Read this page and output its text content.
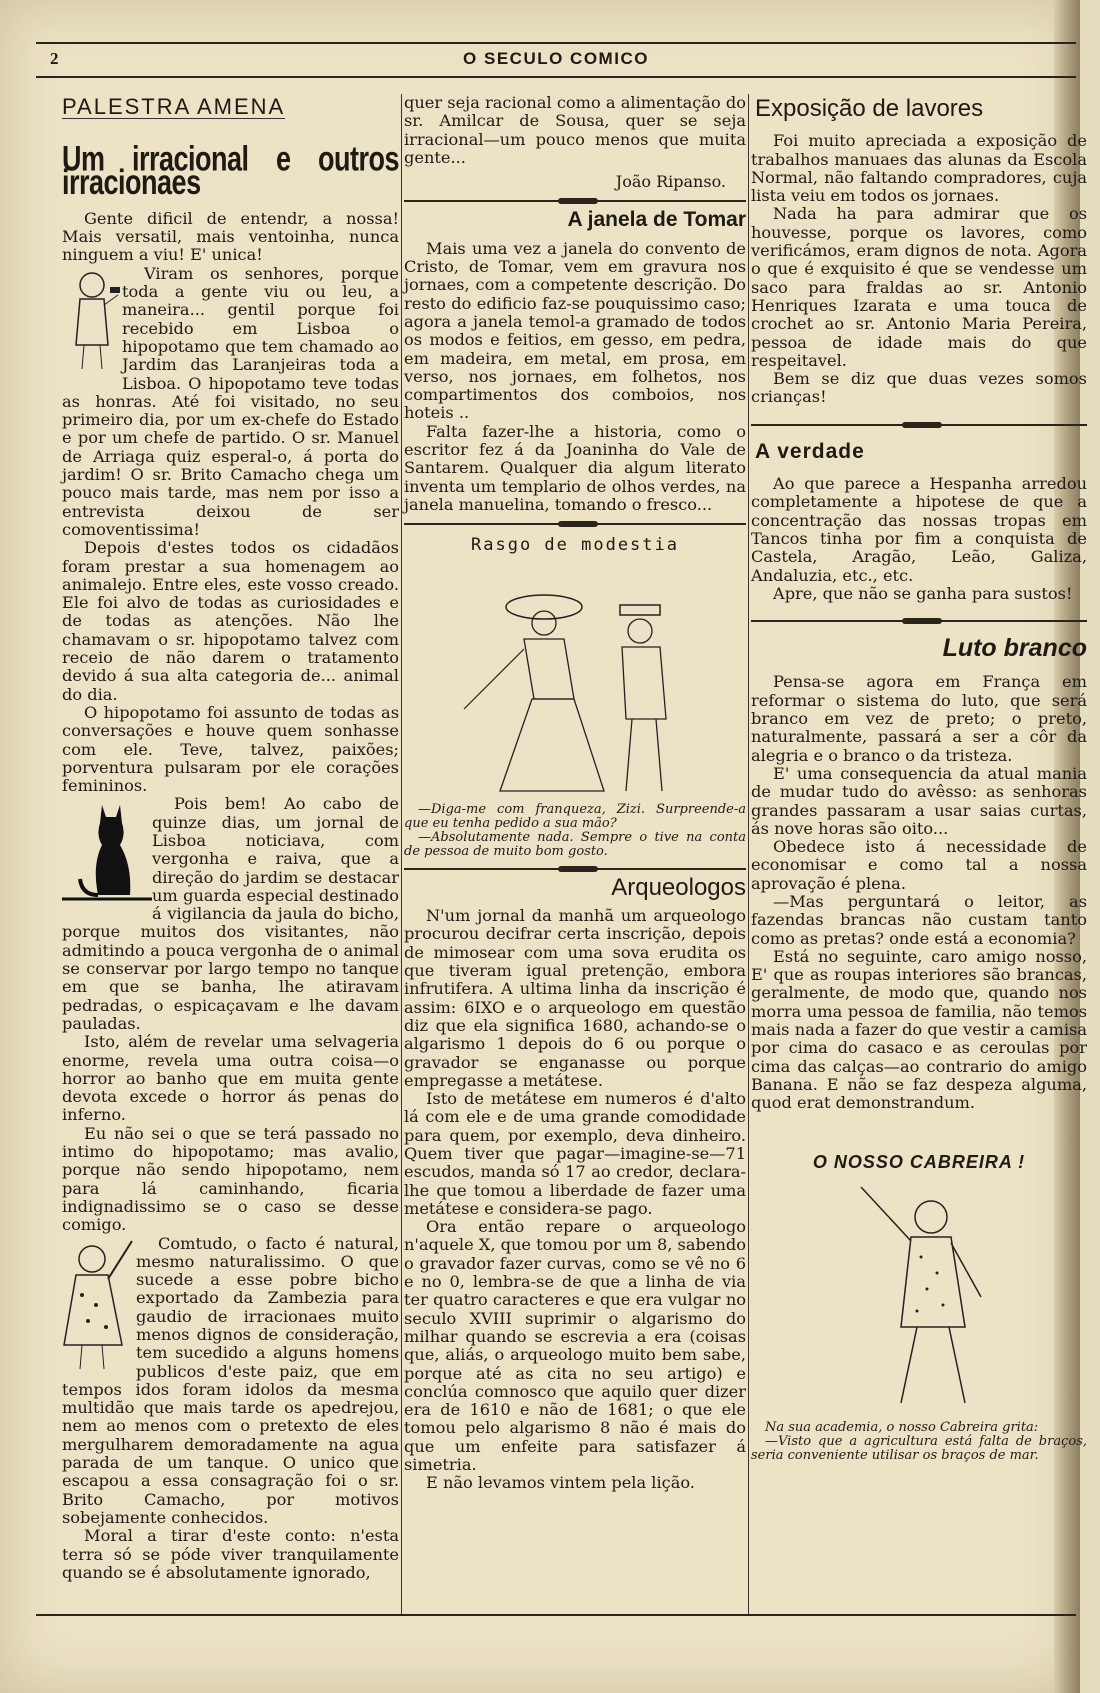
2	O SECULO COMICO
PALESTRA AMENA
Um irracional e outros irracionaes

Gente dificil de entendr, a nossa! Mais versatil, mais ventoinha, nunca ninguem a viu! E' unica!

Viram os senhores, porque toda a gente viu ou leu, a maneira... gentil porque foi recebido em Lisboa o hipopotamo que tem chamado ao Jardim das Laranjeiras toda a Lisboa. O hipopotamo teve todas as honras. Até foi visitado, no seu primeiro dia, por um ex-chefe do Estado e por um chefe de partido. O sr. Manuel de Arriaga quiz esperal-o, á porta do jardim! O sr. Brito Camacho chega um pouco mais tarde, mas nem por isso a entrevista deixou de ser comoventissima!

Depois d'estes todos os cidadãos foram prestar a sua homenagem ao animalejo. Entre eles, este vosso creado. Ele foi alvo de todas as curiosidades e de todas as atenções. Não lhe chamavam o sr. hipopotamo talvez com receio de não darem o tratamento devido á sua alta categoria de... animal do dia.

O hipopotamo foi assunto de todas as conversações e houve quem sonhasse com ele. Teve, talvez, paixões; porventura pulsaram por ele corações femininos.

Pois bem! Ao cabo de quinze dias, um jornal de Lisboa noticiava, com vergonha e raiva, que a direção do jardim se destacar um guarda especial destinado á vigilancia da jaula do bicho, porque muitos dos visitantes, não admitindo a pouca vergonha de o animal se conservar por largo tempo no tanque em que se banha, lhe atiravam pedradas, o espicaçavam e lhe davam pauladas.

Isto, além de revelar uma selvageria enorme, revela uma outra coisa—o horror ao banho que em muita gente devota excede o horror ás penas do inferno.

Eu não sei o que se terá passado no intimo do hipopotamo; mas avalio, porque não sendo hipopotamo, nem para lá caminhando, ficaria indignadissimo se o caso se desse comigo.

Comtudo, o facto é natural, mesmo naturalissimo. O que sucede a esse pobre bicho exportado da Zambezia para gaudio de irracionaes muito menos dignos de consideração, tem sucedido a alguns homens publicos d'este paiz, que em tempos idos foram idolos da mesma multidão que mais tarde os apedrejou, nem ao menos com o pretexto de eles mergulharem demoradamente na agua parada de um tanque. O unico que escapou a essa consagração foi o sr. Brito Camacho, por motivos sobejamente conhecidos.

Moral a tirar d'este conto: n'esta terra só se póde viver tranquilamente quando se é absolutamente ignorado,

quer seja racional como a alimentação do sr. Amilcar de Sousa, quer se seja irracional—um pouco menos que muita gente...

João Ripanso.
A janela de Tomar

Mais uma vez a janela do convento de Cristo, de Tomar, vem em gravura nos jornaes, com a competente descrição. Do resto do edificio faz-se pouquissimo caso; agora a janela temol-a gramado de todos os modos e feitios, em gesso, em pedra, em madeira, em metal, em prosa, em verso, nos jornaes, em folhetos, nos compartimentos dos comboios, nos hoteis ..

Falta fazer-lhe a historia, como o escritor fez á da Joaninha do Vale de Santarem. Qualquer dia algum literato inventa um templario de olhos verdes, na janela manuelina, tomando o fresco...

Rasgo de modestia

—Diga-me com franqueza, Zizi. Surpreende-a que eu tenha pedido a sua mão?

—Absolutamente nada. Sempre o tive na conta de pessoa de muito bom gosto.

Arqueologos

N'um jornal da manhã um arqueologo procurou decifrar certa inscrição, depois de mimosear com uma sova erudita os que tiveram igual pretenção, embora infrutifera. A ultima linha da inscrição é assim: 6IXO e o arqueologo em questão diz que ela significa 1680, achando-se o algarismo 1 depois do 6 ou porque o gravador se enganasse ou porque empregasse a metátese.

Isto de metátese em numeros é d'alto lá com ele e de uma grande comodidade para quem, por exemplo, deva dinheiro. Quem tiver que pagar—imagine-se—71 escudos, manda só 17 ao credor, declara-lhe que tomou a liberdade de fazer uma metátese e considera-se pago.

Ora então repare o arqueologo n'aquele X, que tomou por um 8, sabendo o gravador fazer curvas, como se vê no 6 e no 0, lembra-se de que a linha de via ter quatro caracteres e que era vulgar no seculo XVIII suprimir o algarismo do milhar quando se escrevia a era (coisas que, aliás, o arqueologo muito bem sabe, porque até as cita no seu artigo) e conclúa comnosco que aquilo quer dizer era de 1610 e não de 1681; o que ele tomou pelo algarismo 8 não é mais do que um enfeite para satisfazer á simetria.

E não levamos vintem pela lição.

Exposição de lavores

Foi muito apreciada a exposição de trabalhos manuaes das alunas da Escola Normal, não faltando compradores, cuja lista veiu em todos os jornaes.

Nada ha para admirar que os houvesse, porque os lavores, como verificámos, eram dignos de nota. Agora o que é exquisito é que se vendesse um saco para fraldas ao sr. Antonio Henriques Izarata e uma touca de crochet ao sr. Antonio Maria Pereira, pessoa de idade mais do que respeitavel.

Bem se diz que duas vezes somos crianças!

A verdade

Ao que parece a Hespanha arredou completamente a hipotese de que a concentração das nossas tropas em Tancos tinha por fim a conquista de Castela, Aragão, Leão, Galiza, Andaluzia, etc., etc.

Apre, que não se ganha para sustos!

Luto branco

Pensa-se agora em França em reformar o sistema do luto, que será branco em vez de preto; o preto, naturalmente, passará a ser a côr da alegria e o branco o da tristeza.

E' uma consequencia da atual mania de mudar tudo do avêsso: as senhoras grandes passaram a usar saias curtas, ás nove horas são oito...

Obedece isto á necessidade de economisar e como tal a nossa aprovação é plena.

—Mas perguntará o leitor, as fazendas brancas não custam tanto como as pretas? onde está a economia?

Está no seguinte, caro amigo nosso, E' que as roupas interiores são brancas, geralmente, de modo que, quando nos morra uma pessoa de familia, não temos mais nada a fazer do que vestir a camisa por cima do casaco e as ceroulas por cima das calças—ao contrario do amigo Banana. E não se faz despeza alguma, quod erat demonstrandum.

O NOSSO CABREIRA !

Na sua academia, o nosso Cabreira grita:

—Visto que a agricultura está falta de braços, seria conveniente utilisar os braços de mar.
